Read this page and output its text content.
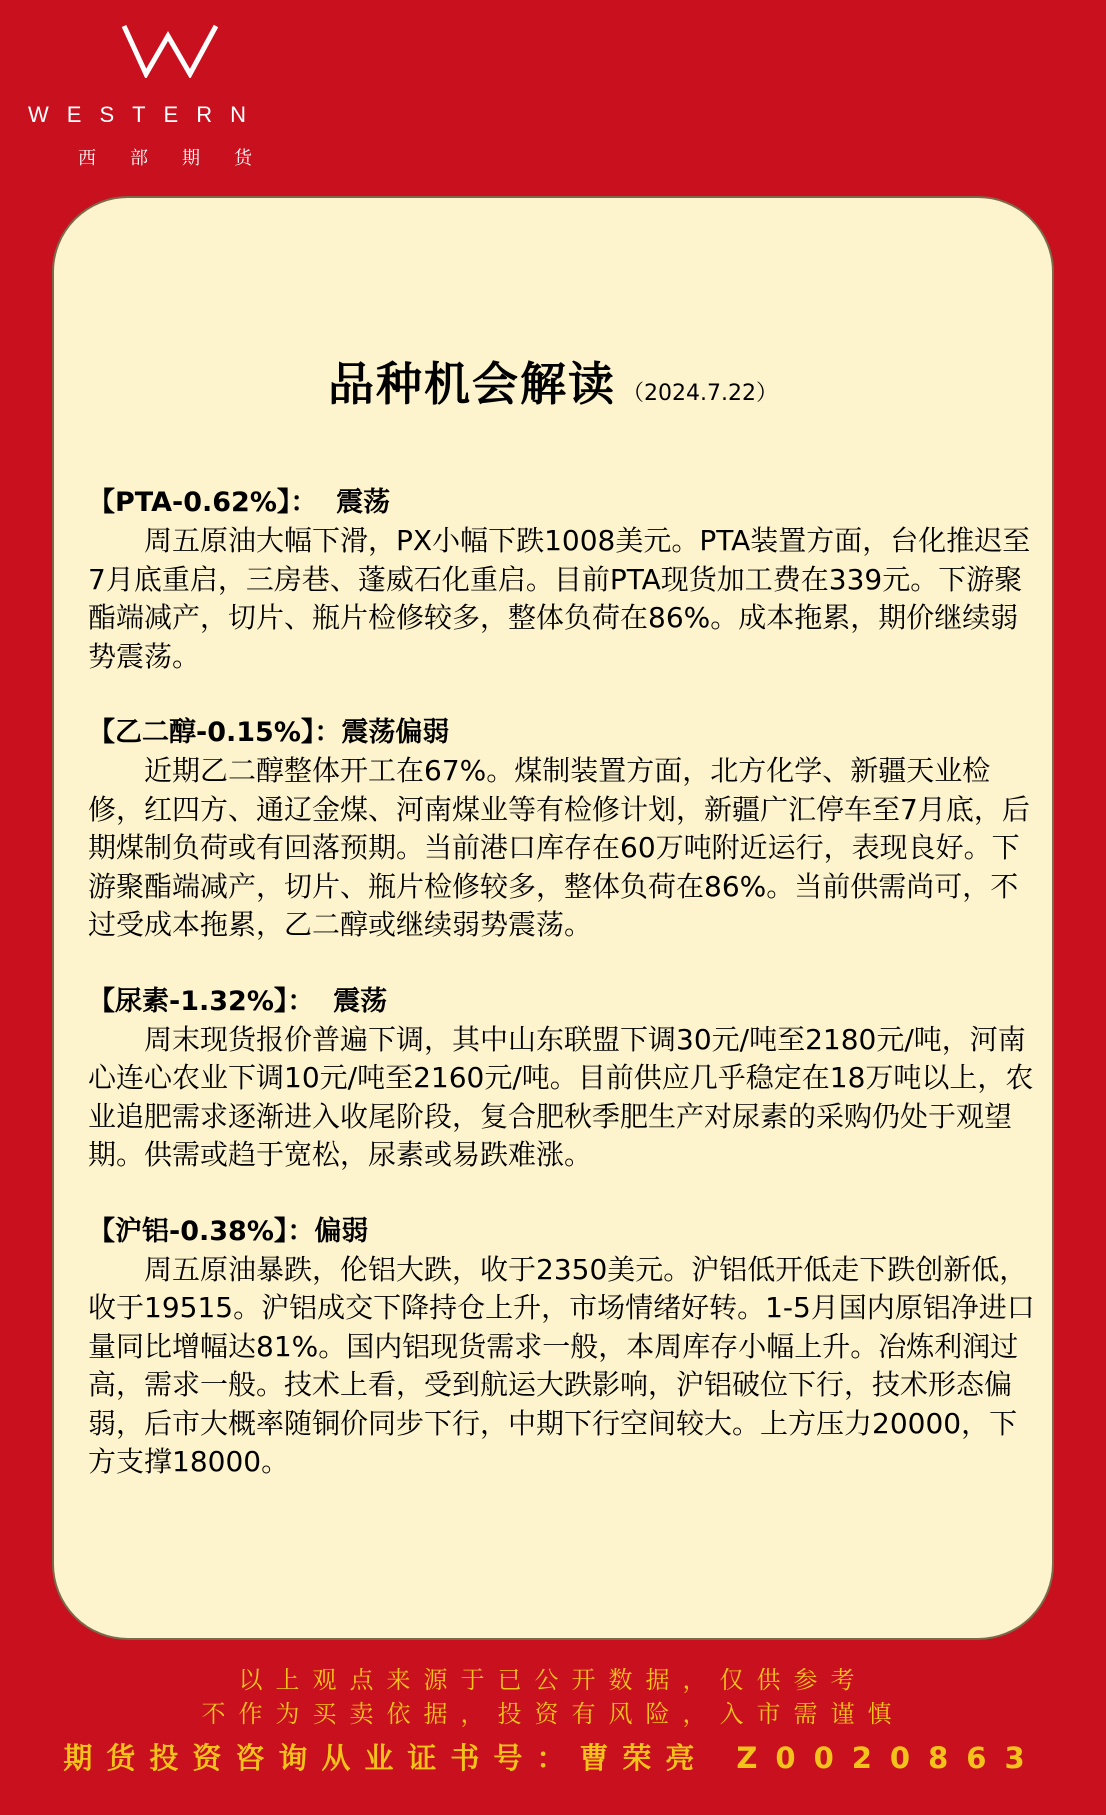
WESTERN
西部期货
品种机会解读 （2024.7.22）
【PTA-0.62%】：  震荡

周五原油大幅下滑，PX小幅下跌1008美元。PTA装置方面，台化推迟至7月底重启，三房巷、蓬威石化重启。目前PTA现货加工费在339元。下游聚酯端减产，切片、瓶片检修较多，整体负荷在86%。成本拖累，期价继续弱势震荡。

【乙二醇-0.15%】：震荡偏弱

近期乙二醇整体开工在67%。煤制装置方面，北方化学、新疆天业检修，红四方、通辽金煤、河南煤业等有检修计划，新疆广汇停车至7月底，后期煤制负荷或有回落预期。当前港口库存在60万吨附近运行，表现良好。下游聚酯端减产，切片、瓶片检修较多，整体负荷在86%。当前供需尚可，不过受成本拖累，乙二醇或继续弱势震荡。

【尿素-1.32%】：  震荡

周末现货报价普遍下调，其中山东联盟下调30元/吨至2180元/吨，河南心连心农业下调10元/吨至2160元/吨。目前供应几乎稳定在18万吨以上，农业追肥需求逐渐进入收尾阶段，复合肥秋季肥生产对尿素的采购仍处于观望期。供需或趋于宽松，尿素或易跌难涨。

【沪铝-0.38%】：偏弱

周五原油暴跌，伦铝大跌，收于2350美元。沪铝低开低走下跌创新低，收于19515。沪铝成交下降持仓上升，市场情绪好转。1-5月国内原铝净进口量同比增幅达81%。国内铝现货需求一般，本周库存小幅上升。冶炼利润过高，需求一般。技术上看，受到航运大跌影响，沪铝破位下行，技术形态偏弱，后市大概率随铜价同步下行，中期下行空间较大。上方压力20000，下方支撑18000。

以上观点来源于已公开数据，仅供参考
不作为买卖依据，投资有风险，入市需谨慎
期货投资咨询从业证书号：曹荣亮 Z0020863
